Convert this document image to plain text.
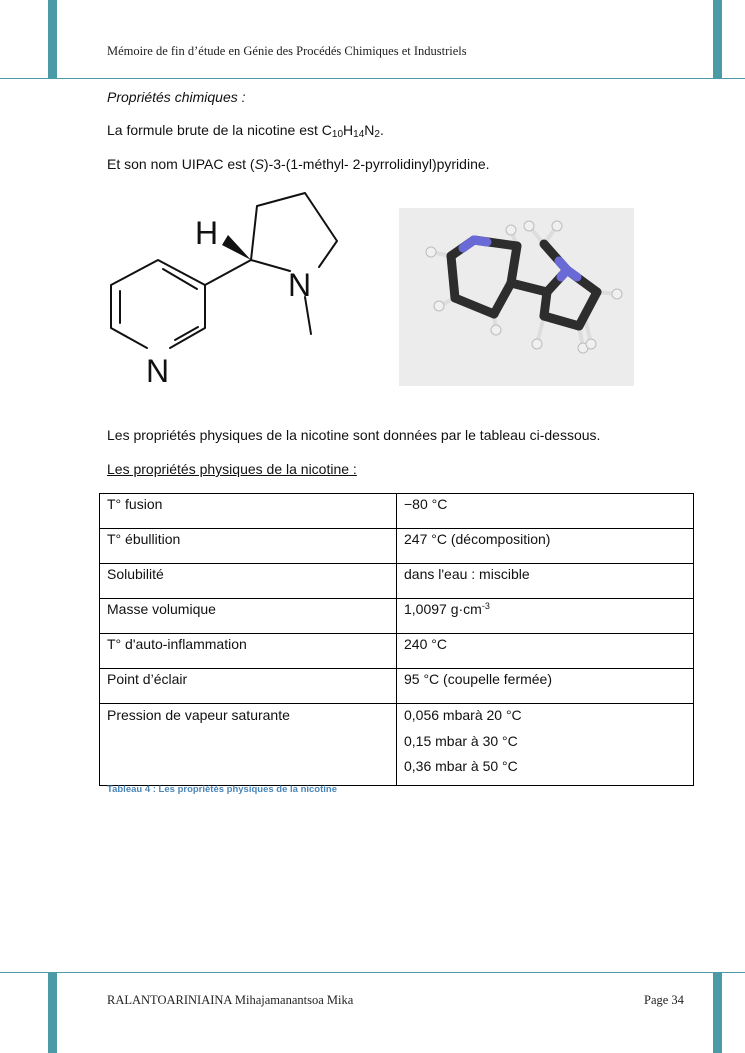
Mémoire de fin d’étude en Génie des Procédés Chimiques et Industriels

Propriétés chimiques :

La formule brute de la nicotine est $C_{10}H_{14}N_2$.

Et son nom UIPAC est (S)-3-(1-méthyl- 2-pyrrolidinyl)pyridine.

H
N
N

Les propriétés physiques de la nicotine sont données par le tableau ci-dessous.

Les propriétés physiques de la nicotine :

T° fusion	−80 °C
T° ébullition	247 °C (décomposition)
Solubilité	dans l'eau : miscible
Masse volumique	1,0097 $g\cdot cm^{-3}$
T° d'auto-inflammation	240 °C
Point d’éclair	95 °C (coupelle fermée)

Pression de vapeur saturante	0,056 mbarà 20 °C
0,15 mbar à 30 °C
0,36 mbar à 50 °C
Tableau 4 : Les propriétés physiques de la nicotine
RALANTOARINIAINA Mihajamanantsoa Mika	Page 34
